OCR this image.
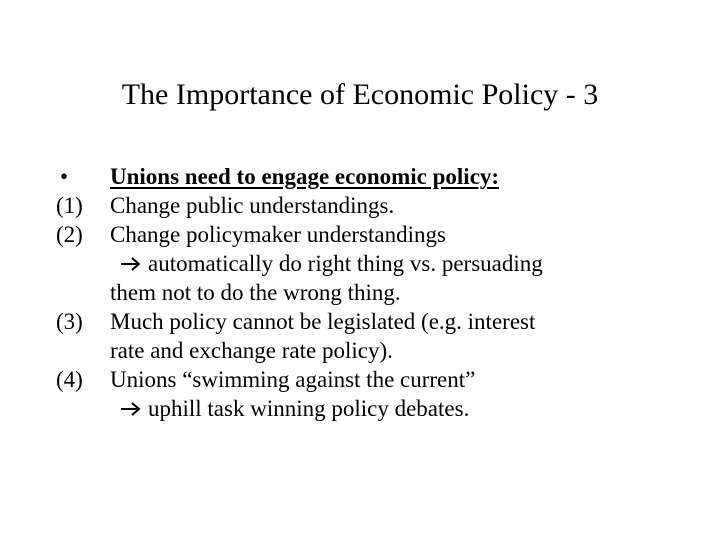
The Importance of Economic Policy - 3
•	Unions need to engage economic policy:
(1)	Change public understandings.
(2)	Change policymaker understandings
automatically do right thing vs. persuading
them not to do the wrong thing.
(3)	Much policy cannot be legislated (e.g. interest
rate and exchange rate policy).
(4)	Unions “swimming against the current”
uphill task winning policy debates.
